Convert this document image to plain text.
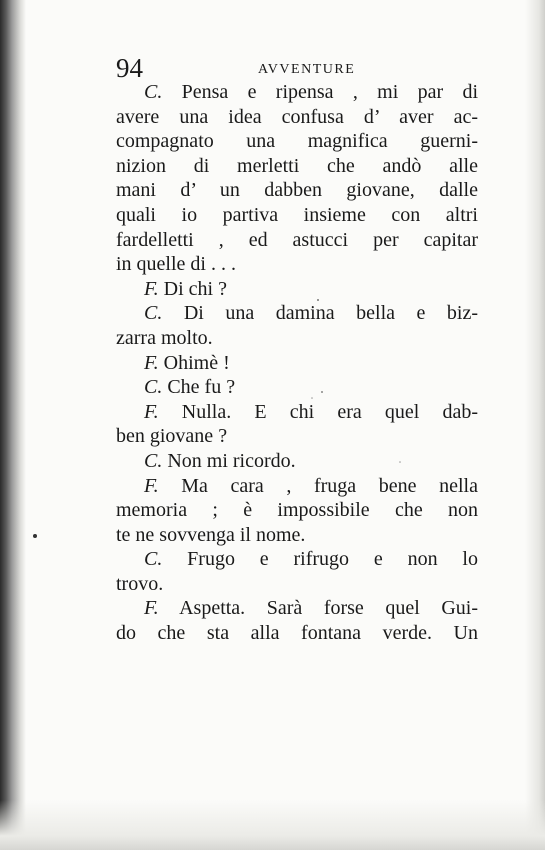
94	AVVENTURE
C. Pensa e ripensa , mi par di
avere una idea confusa d’ aver ac-
compagnato una magnifica guerni-
nizion di merletti che andò alle
mani d’ un dabben giovane, dalle
quali io partiva insieme con altri
fardelletti , ed astucci per capitar
in quelle di . . .
F. Di chi ?
C. Di una damina bella e biz-
zarra molto.
F. Ohimè !
C. Che fu ?
F. Nulla. E chi era quel dab-
ben giovane ?
C. Non mi ricordo.
F. Ma cara , fruga bene nella
memoria ; è impossibile che non
te ne sovvenga il nome.
C. Frugo e rifrugo e non lo
trovo.
F. Aspetta. Sarà forse quel Gui-
do che sta alla fontana verde. Un
